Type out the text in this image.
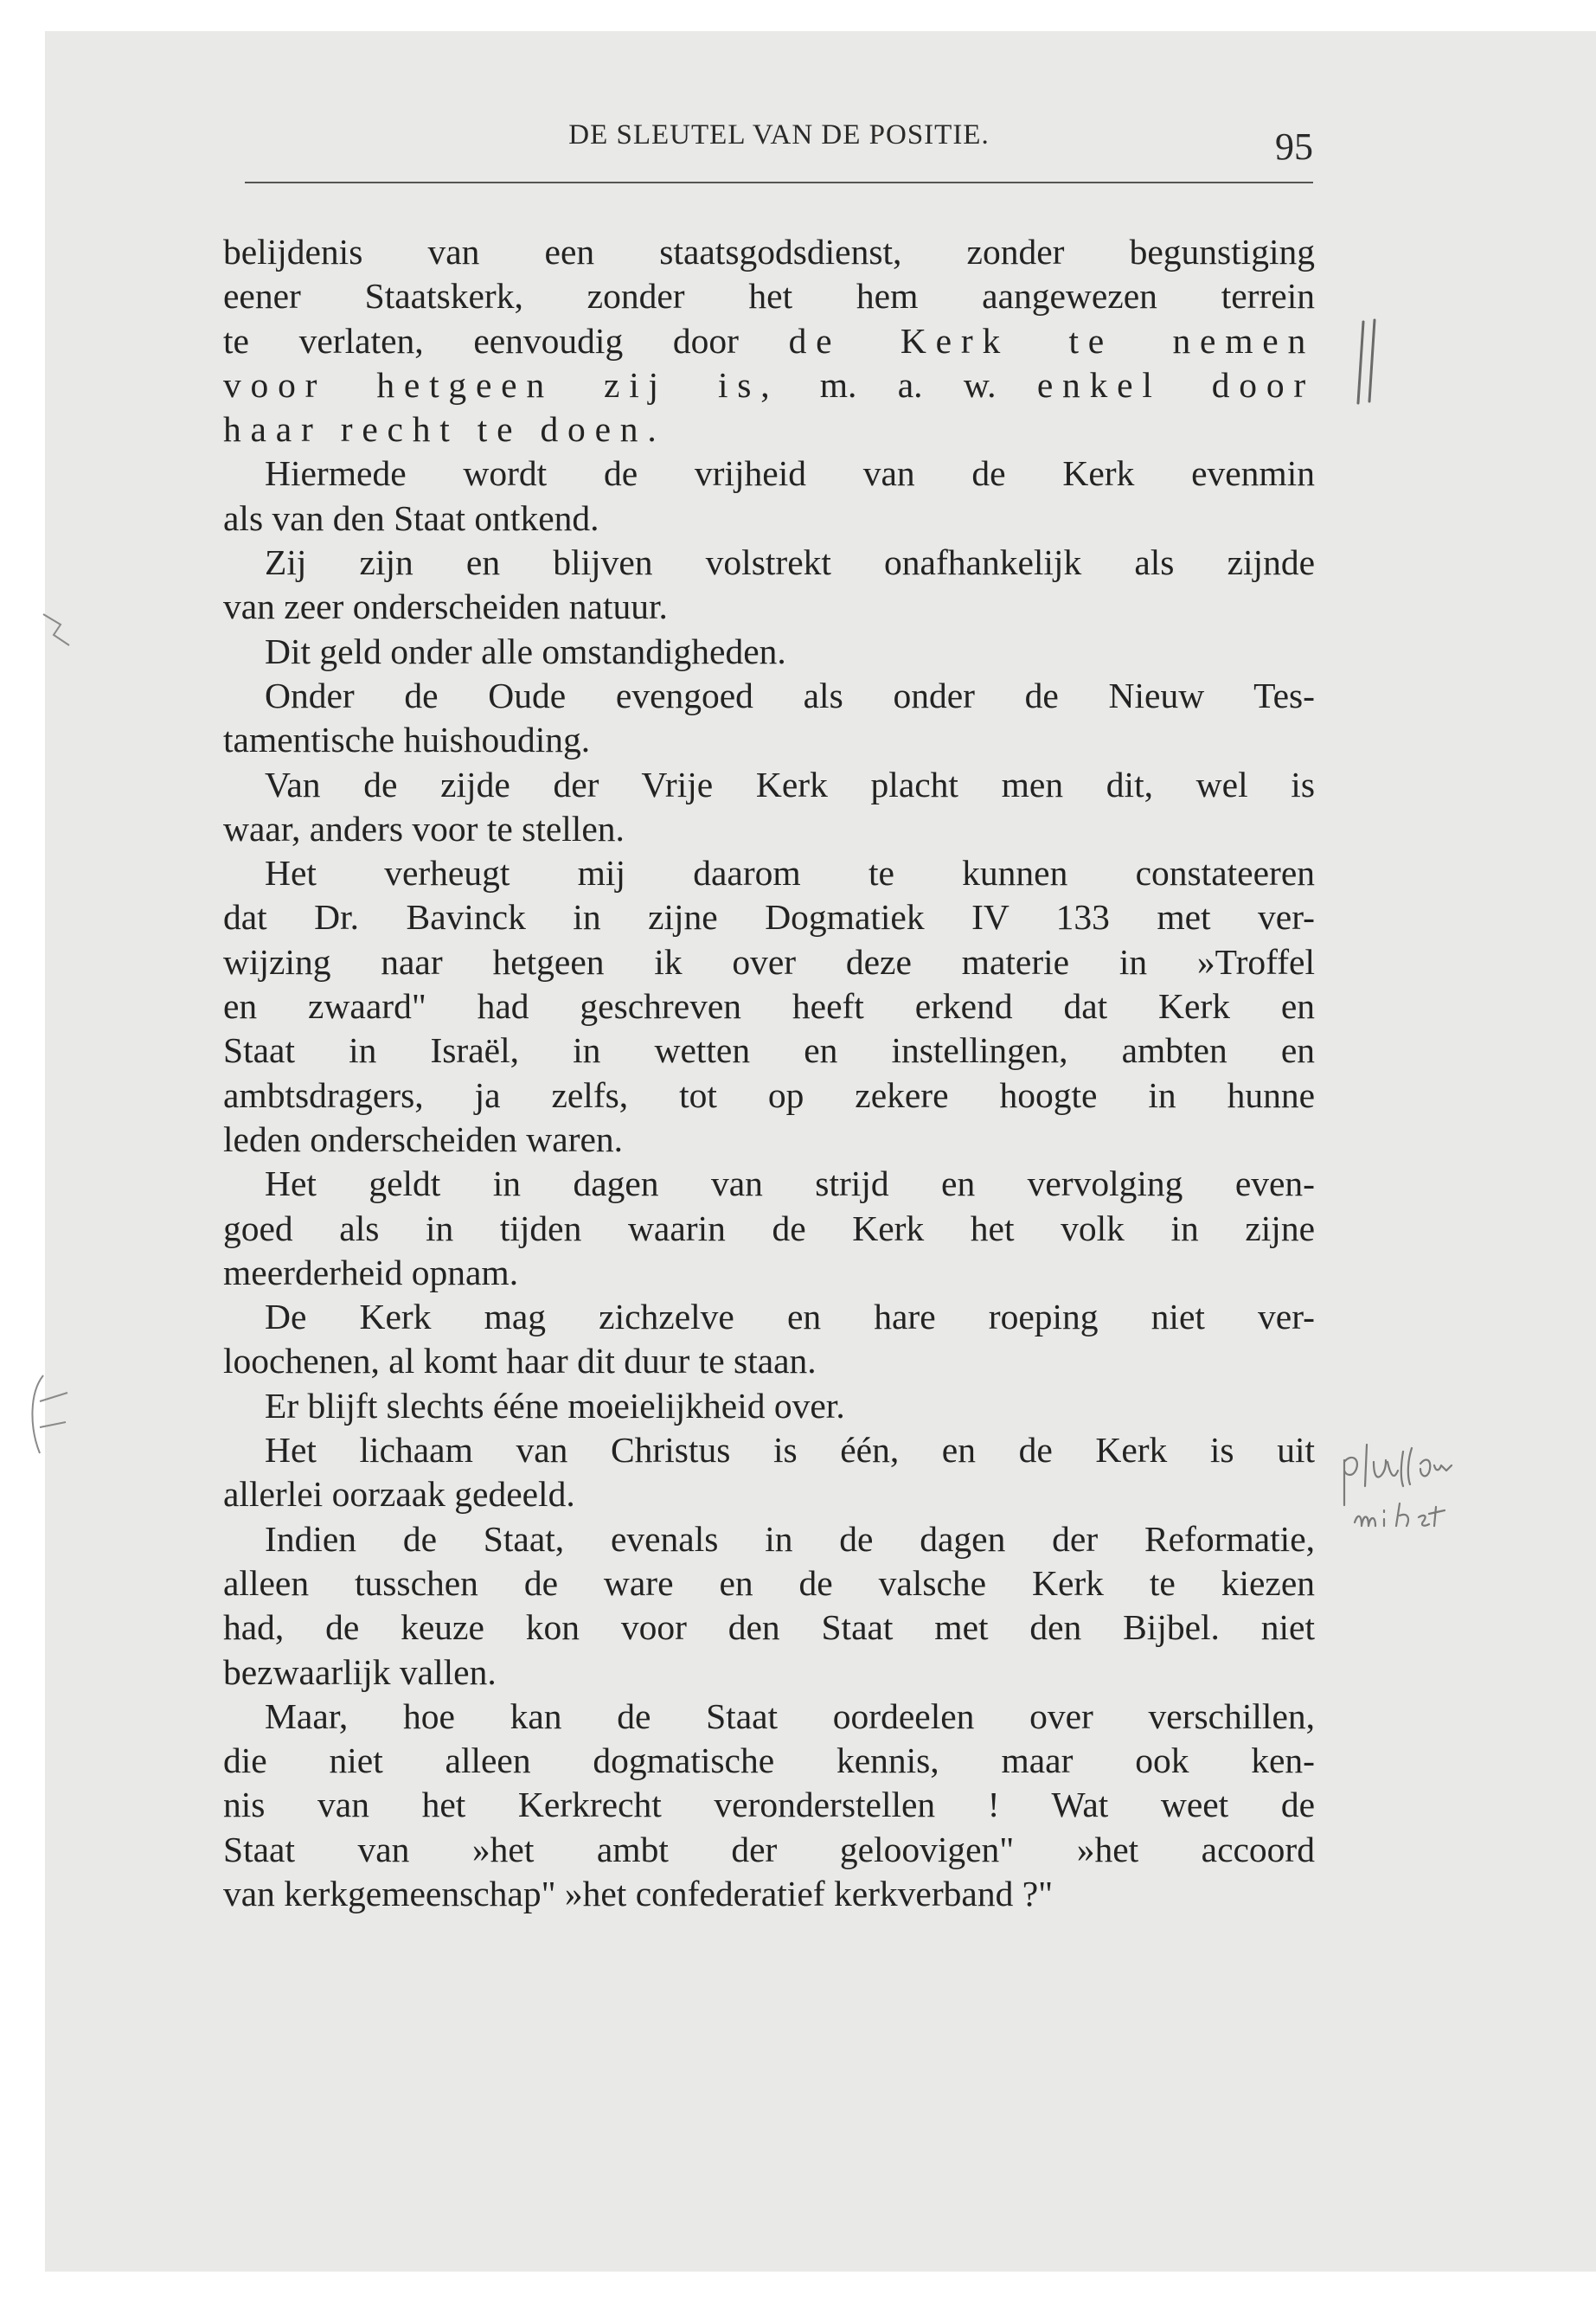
DE SLEUTEL VAN DE POSITIE.	95
belijdenis van een staatsgodsdienst, zonder begunstiging
eener Staatskerk, zonder het hem aangewezen terrein
te verlaten, eenvoudig door de Kerk te nemen
voor hetgeen zij is, m. a. w. enkel door
haar recht te doen.
Hiermede wordt de vrijheid van de Kerk evenmin
als van den Staat ontkend.
Zij zijn en blijven volstrekt onafhankelijk als zijnde
van zeer onderscheiden natuur.
Dit geld onder alle omstandigheden.
Onder de Oude evengoed als onder de Nieuw Tes-
tamentische huishouding.
Van de zijde der Vrije Kerk placht men dit, wel is
waar, anders voor te stellen.
Het verheugt mij daarom te kunnen constateeren
dat Dr. Bavinck in zijne Dogmatiek IV 133 met ver-
wijzing naar hetgeen ik over deze materie in »Troffel
en zwaard" had geschreven heeft erkend dat Kerk en
Staat in Israël, in wetten en instellingen, ambten en
ambtsdragers, ja zelfs, tot op zekere hoogte in hunne
leden onderscheiden waren.
Het geldt in dagen van strijd en vervolging even-
goed als in tijden waarin de Kerk het volk in zijne
meerderheid opnam.
De Kerk mag zichzelve en hare roeping niet ver-
loochenen, al komt haar dit duur te staan.
Er blijft slechts ééne moeielijkheid over.
Het lichaam van Christus is één, en de Kerk is uit
allerlei oorzaak gedeeld.
Indien de Staat, evenals in de dagen der Reformatie,
alleen tusschen de ware en de valsche Kerk te kiezen
had, de keuze kon voor den Staat met den Bijbel. niet
bezwaarlijk vallen.
Maar, hoe kan de Staat oordeelen over verschillen,
die niet alleen dogmatische kennis, maar ook ken-
nis van het Kerkrecht veronderstellen ! Wat weet de
Staat van »het ambt der geloovigen" »het accoord
van kerkgemeenschap" »het confederatief kerkverband ?"
